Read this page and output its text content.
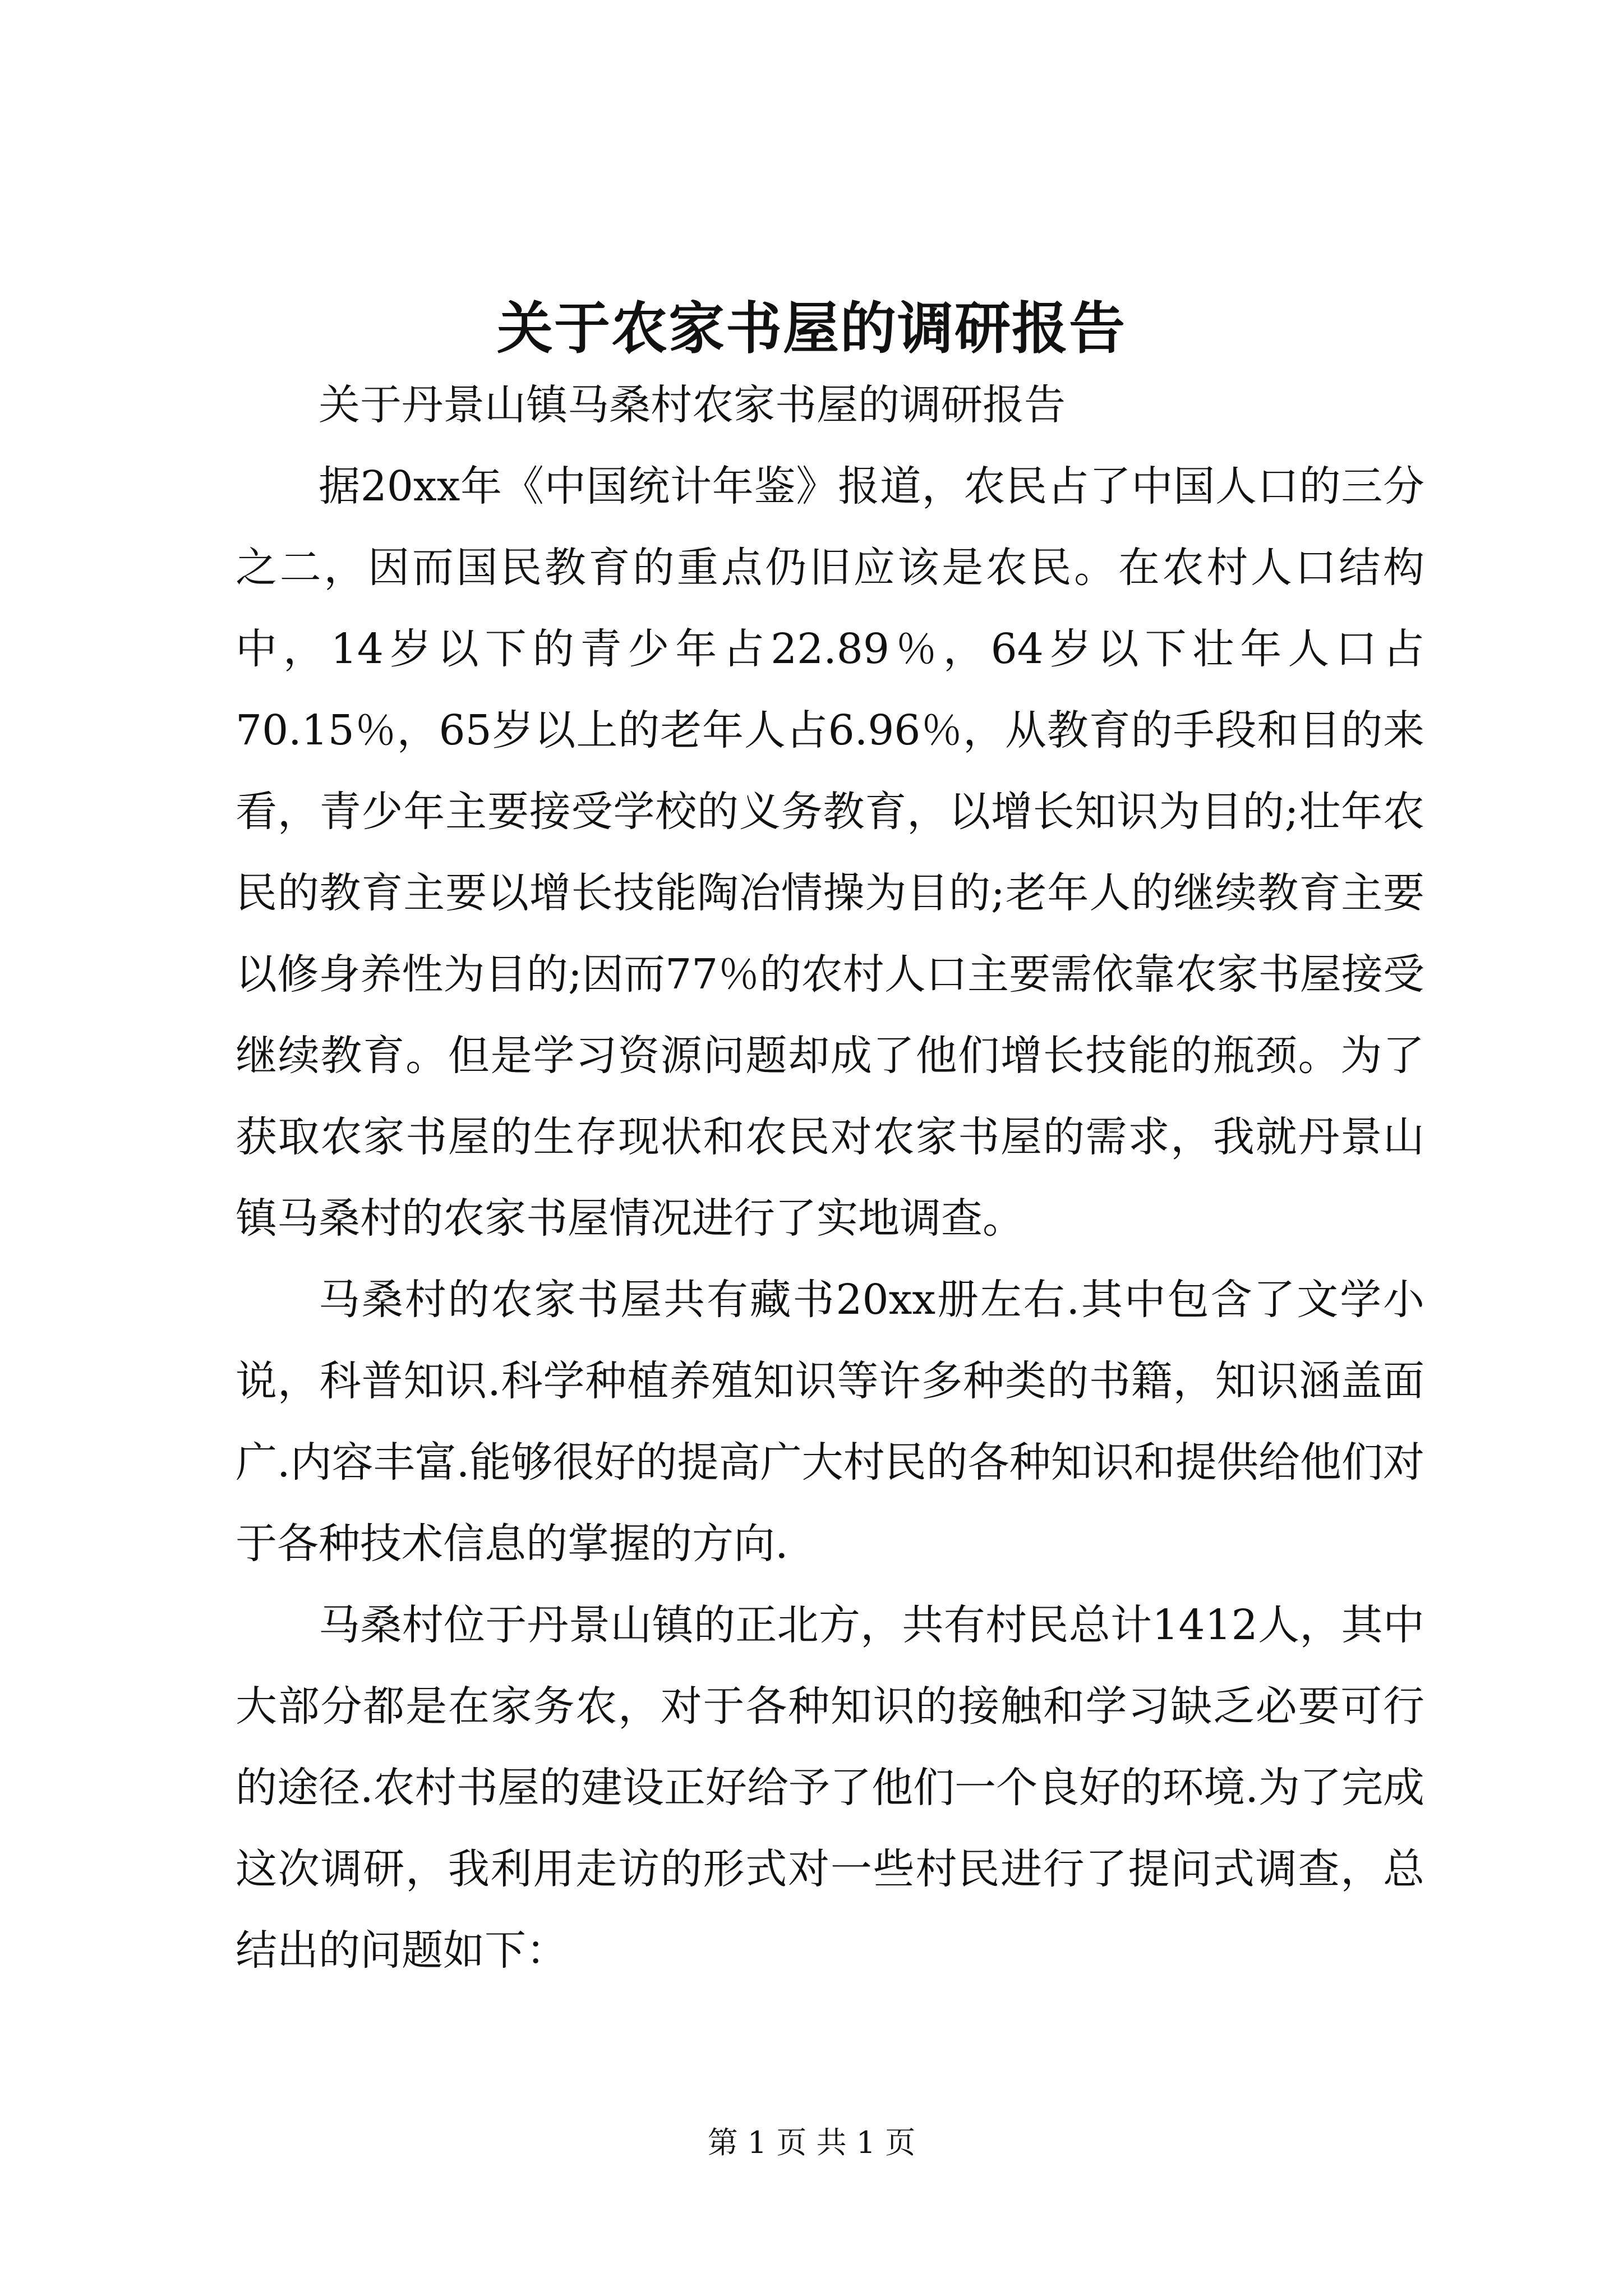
关于农家书屋的调研报告

关于丹景山镇马桑村农家书屋的调研报告

据20xx年《中国统计年鉴》报道，农民占了中国人口的三分之二，因而国民教育的重点仍旧应该是农民。在农村人口结构中，14岁以下的青少年占22.89％，64岁以下壮年人口占70.15％，65岁以上的老年人占6.96％，从教育的手段和目的来看，青少年主要接受学校的义务教育，以增长知识为目的;壮年农民的教育主要以增长技能陶冶情操为目的;老年人的继续教育主要以修身养性为目的;因而77％的农村人口主要需依靠农家书屋接受继续教育。但是学习资源问题却成了他们增长技能的瓶颈。为了获取农家书屋的生存现状和农民对农家书屋的需求，我就丹景山镇马桑村的农家书屋情况进行了实地调查。

马桑村的农家书屋共有藏书20xx册左右.其中包含了文学小说，科普知识.科学种植养殖知识等许多种类的书籍，知识涵盖面广.内容丰富.能够很好的提高广大村民的各种知识和提供给他们对于各种技术信息的掌握的方向.

马桑村位于丹景山镇的正北方，共有村民总计1412人，其中大部分都是在家务农，对于各种知识的接触和学习缺乏必要可行的途径.农村书屋的建设正好给予了他们一个良好的环境.为了完成这次调研，我利用走访的形式对一些村民进行了提问式调查，总结出的问题如下：

第 1 页 共 1 页
